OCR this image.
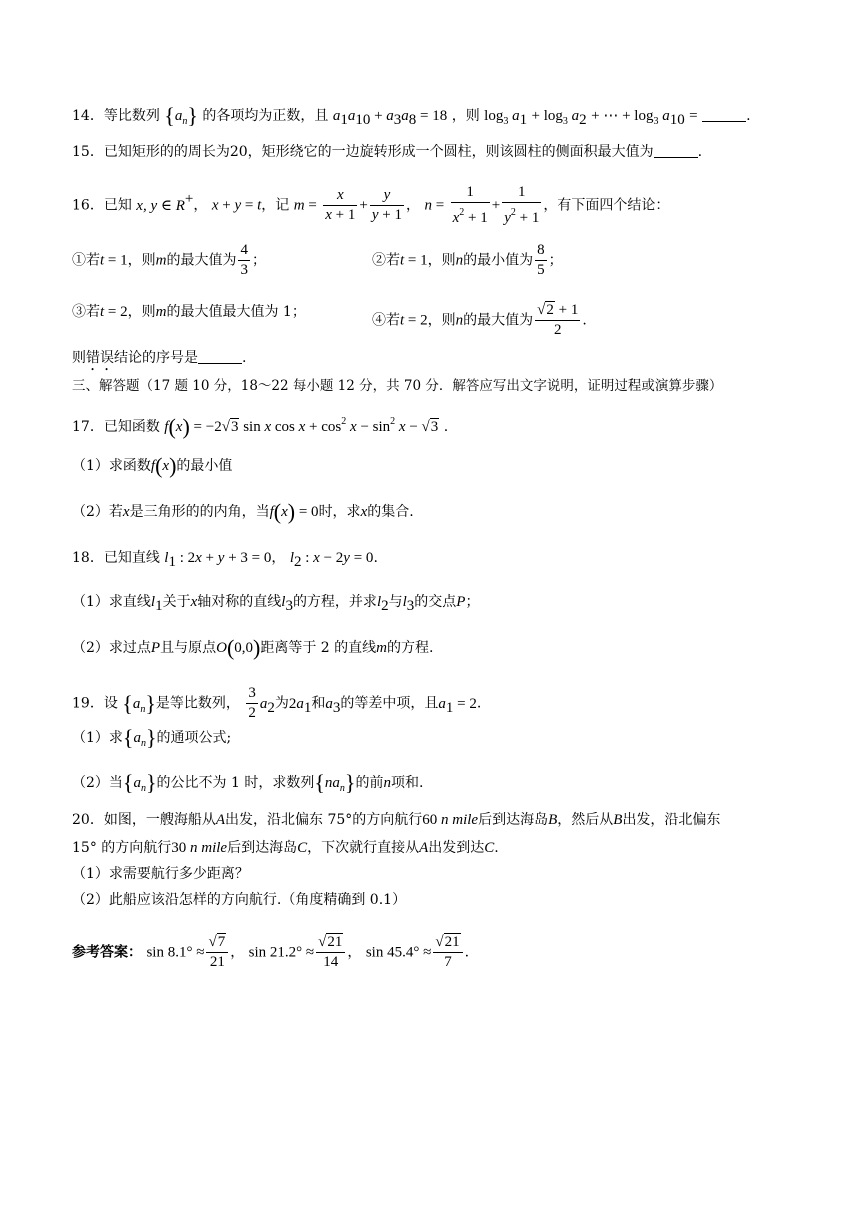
14．等比数列 $\{a_n\}$ 的各项均为正数，且 $a_1a_{10} + a_3a_8 = 18$ ，则 $\log_3 a_1 + \log_3 a_2$ + ⋯ + $\log_3 a_{10}$ =	.
15．已知矩形的的周长为20，矩形绕它的一边旋转形成一个圆柱，则该圆柱的侧面积最大值为	.
16．已知 x, y ∈ R+， x + y = t，记 $m = \frac{x}{x + 1} + \frac{y}{y + 1}$ ， $n = \frac{1}{x^2 + 1} + \frac{1}{y^2 + 1}$ ，有下面四个结论：
①若t = 1，则m的最大值为 $\frac{4}{3}$ ；	②若t = 1，则n的最小值为 $\frac{8}{5}$ ；
③若t = 2，则m的最大值最大值为 1；
④若t = 2，则n的最大值为 $\frac{√2 + 1}{2}$ .
则错误结论的序号是	.
三、解答题（17 题 10 分，18～22 每小题 12 分，共 70 分．解答应写出文字说明，证明过程或演算步骤）
17．已知函数 f(x) = −2√3 sin x $\cos x + \cos^2 x - \sin^2 x - √3$ .
（1）求函数f(x)的最小值
（2）若x是三角形的的内角，当f(x) = 0时，求x的集合.
18．已知直线 $l_1$ : 2x + y + 3 = 0， $l_2$ : x − 2y = 0.
（1）求直线$l_1$关于x轴对称的直线$l_3$的方程，并求$l_2$与$l_3$的交点P；
（2）求过点P且与原点O(0,0)距离等于 2 的直线m的方程.
19．设 $\{a_n\}$是等比数列， $\frac{3}{2} a_2$为$2a_1$和$a_3$的等差中项，且$a_1 = 2$.
（1）求$\{a_n\}$的通项公式;
（2）当$\{a_n\}$的公比不为 1 时，求数列$\{na_n\}$的前n项和.
20．如图，一艘海船从A出发，沿北偏东 75°的方向航行60 n mile后到达海岛B，然后从B出发，沿北偏东
15° 的方向航行30 n mile后到达海岛C，下次就行直接从A出发到达C.
（1）求需要航行多少距离？
（2）此船应该沿怎样的方向航行.（角度精确到 0.1）
参考答案： $\sin 8.1^\circ \approx \frac{√7}{21}$ ， $\sin 21.2^\circ \approx \frac{√21}{14}$ ， $\sin 45.4^\circ \approx \frac{√21}{7}$ .
